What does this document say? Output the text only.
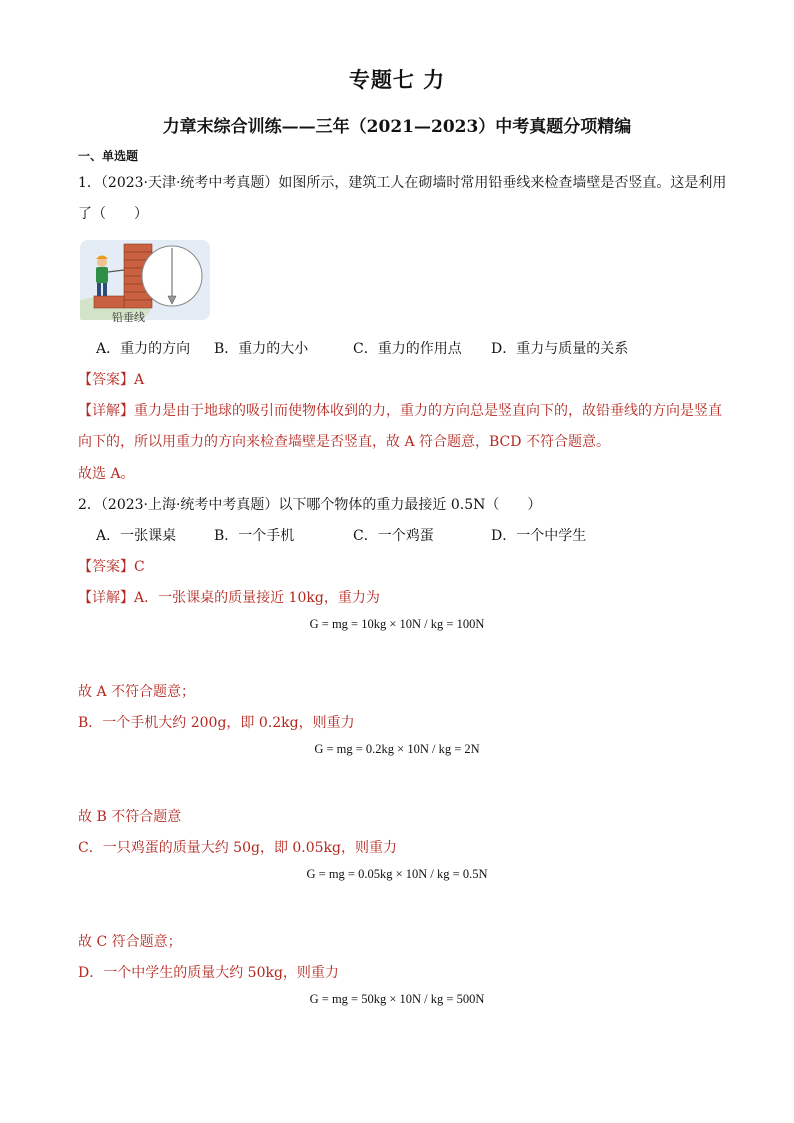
专题七 力
力章末综合训练——三年（2021—2023）中考真题分项精编
一、单选题
1．（2023·天津·统考中考真题）如图所示，建筑工人在砌墙时常用铅垂线来检查墙壁是否竖直。这是利用
了（　　）
铅垂线
A．重力的方向 B．重力的大小	C．重力的作用点 D．重力与质量的关系
【答案】A
【详解】重力是由于地球的吸引而使物体收到的力，重力的方向总是竖直向下的，故铅垂线的方向是竖直
向下的，所以用重力的方向来检查墙壁是否竖直，故 A 符合题意，BCD 不符合题意。
故选 A。
2．（2023·上海·统考中考真题）以下哪个物体的重力最接近 0.5N（　　）
A．一张课桌	B．一个手机	C．一个鸡蛋	D．一个中学生
【答案】C
【详解】A．一张课桌的质量接近 10kg，重力为
G = mg = 10kg × 10N / kg = 100N
故 A 不符合题意；
B．一个手机大约 200g，即 0.2kg，则重力
G = mg = 0.2kg × 10N / kg = 2N
故 B 不符合题意
C．一只鸡蛋的质量大约 50g，即 0.05kg，则重力
G = mg = 0.05kg × 10N / kg = 0.5N
故 C 符合题意；
D．一个中学生的质量大约 50kg，则重力
G = mg = 50kg × 10N / kg = 500N
